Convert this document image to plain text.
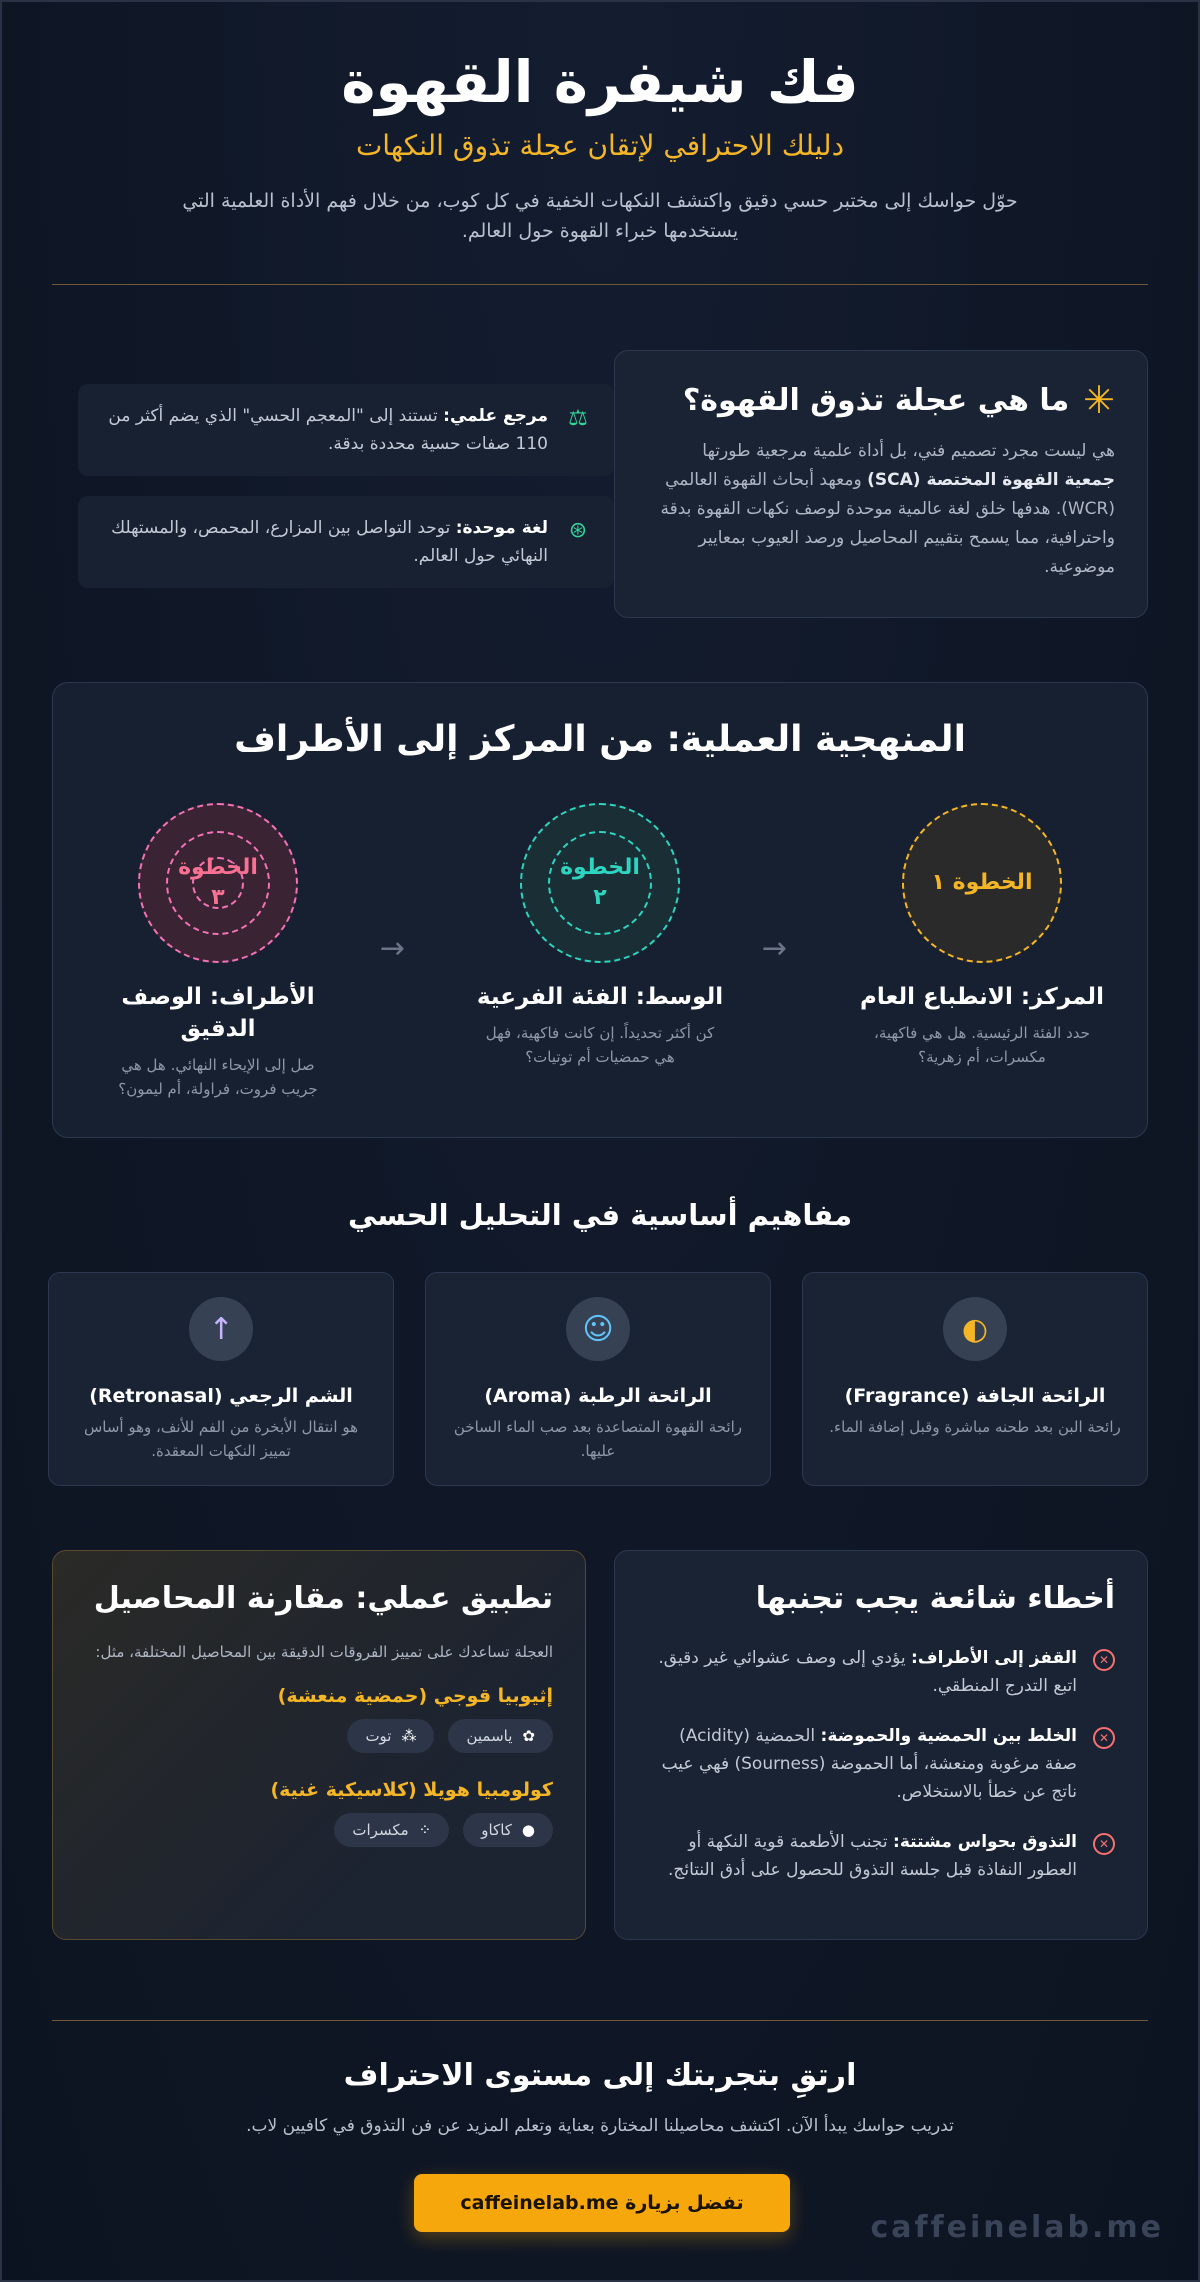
فك شيفرة القهوة
دليلك الاحترافي لإتقان عجلة تذوق النكهات

حوّل حواسك إلى مختبر حسي دقيق واكتشف النكهات الخفية في كل كوب، من خلال فهم الأداة العلمية التي يستخدمها خبراء القهوة حول العالم.

✳
ما هي عجلة تذوق القهوة؟

هي ليست مجرد تصميم فني، بل أداة علمية مرجعية طورتها جمعية القهوة المختصة (SCA) ومعهد أبحاث القهوة العالمي (WCR). هدفها خلق لغة عالمية موحدة لوصف نكهات القهوة بدقة واحترافية، مما يسمح بتقييم المحاصيل ورصد العيوب بمعايير موضوعية.

⚖

مرجع علمي: تستند إلى "المعجم الحسي" الذي يضم أكثر من 110 صفات حسية محددة بدقة.

⊛

لغة موحدة: توحد التواصل بين المزارع، المحمص، والمستهلك النهائي حول العالم.

المنهجية العملية: من المركز إلى الأطراف
الخطوة ١
المركز: الانطباع العام

حدد الفئة الرئيسية. هل هي فاكهية، مكسرات، أم زهرية؟

→
الخطوة ٢
الوسط: الفئة الفرعية

كن أكثر تحديداً. إن كانت فاكهية، فهل هي حمضيات أم توتيات؟

→
الخطوة ٣
الأطراف: الوصف الدقيق

صل إلى الإيحاء النهائي. هل هي جريب فروت، فراولة، أم ليمون؟

مفاهيم أساسية في التحليل الحسي
◐
الرائحة الجافة (Fragrance)

رائحة البن بعد طحنه مباشرة وقبل إضافة الماء.

☺
الرائحة الرطبة (Aroma)

رائحة القهوة المتصاعدة بعد صب الماء الساخن عليها.

↑
الشم الرجعي (Retronasal)

هو انتقال الأبخرة من الفم للأنف، وهو أساس تمييز النكهات المعقدة.

أخطاء شائعة يجب تجنبها
✕

القفز إلى الأطراف: يؤدي إلى وصف عشوائي غير دقيق. اتبع التدرج المنطقي.

✕

الخلط بين الحمضية والحموضة: الحمضية (Acidity) صفة مرغوبة ومنعشة، أما الحموضة (Sourness) فهي عيب ناتج عن خطأ بالاستخلاص.

✕

التذوق بحواس مشتتة: تجنب الأطعمة قوية النكهة أو العطور النفاذة قبل جلسة التذوق للحصول على أدق النتائج.

تطبيق عملي: مقارنة المحاصيل

العجلة تساعدك على تمييز الفروقات الدقيقة بين المحاصيل المختلفة، مثل:

إثيوبيا قوجي (حمضية منعشة)
✿
ياسمين
⁂
توت
كولومبيا هويلا (كلاسيكية غنية)
●
كاكاو
⁘
مكسرات
ارتقِ بتجربتك إلى مستوى الاحتراف
تدريب حواسك يبدأ الآن. اكتشف محاصيلنا المختارة بعناية وتعلم المزيد عن فن التذوق في كافيين لاب.
تفضل بزيارة caffeinelab.me
caffeinelab.me
